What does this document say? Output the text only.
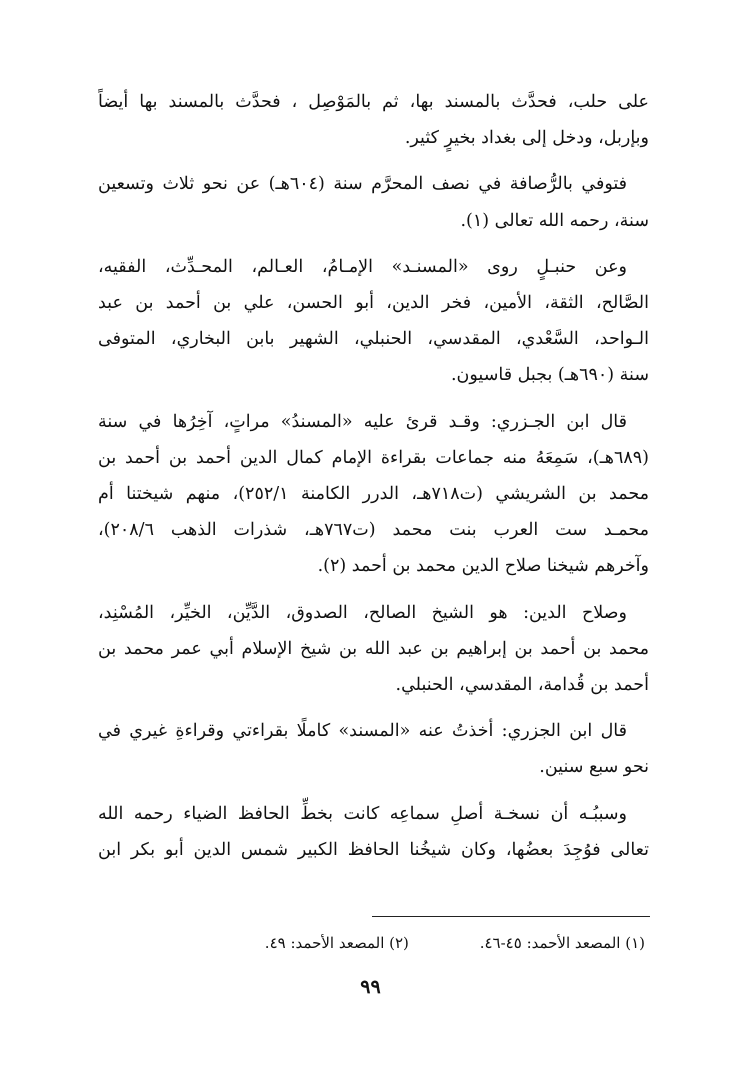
على حلب، فحدَّث بالمسند بها، ثم بالمَوْصِل ، فحدَّث بالمسند بها أيضاً
وبإربل، ودخل إلى بغداد بخيرٍ كثير.

فتوفي بالرُّصافة في نصف المحرَّم سنة (٦٠٤هـ) عن نحو ثلاث وتسعين
سنة، رحمه الله تعالى (١).

وعن حنبـلٍ روى «المسنـد» الإمـامُ، العـالم، المحـدِّث، الفقيه،
الصَّالح، الثقة، الأمين، فخر الدين، أبو الحسن، علي بن أحمد بن عبد
الـواحد، السَّعْدي، المقدسي، الحنبلي، الشهير بابن البخاري، المتوفى
سنة (٦٩٠هـ) بجبل قاسيون.

قال ابن الجـزري: وقـد قرئ عليه «المسندُ» مراتٍ، آخِرُها في سنة
(٦٨٩هـ)، سَمِعَهُ منه جماعات بقراءة الإمام كمال الدين أحمد بن أحمد بن
محمد بن الشريشي (ت٧١٨هـ، الدرر الكامنة ٢٥٢/١)، منهم شيختنا أم
محمـد ست العرب بنت محمد (ت٧٦٧هـ، شذرات الذهب ٢٠٨/٦)،
وآخرهم شيخنا صلاح الدين محمد بن أحمد (٢).

وصلاح الدين: هو الشيخ الصالح، الصدوق، الدَّيِّن، الخيِّر، المُسْنِد،
محمد بن أحمد بن إبراهيم بن عبد الله بن شيخ الإسلام أبي عمر محمد بن
أحمد بن قُدامة، المقدسي، الحنبلي.

قال ابن الجزري: أخذتُ عنه «المسند» كاملًا بقراءتي وقراءةِ غيري في
نحو سبع سنين.

وسببُـه أن نسخـة أصلِ سماعِه كانت بخطِّ الحافظ الضياء رحمه الله
تعالى فوُجِدَ بعضُها، وكان شيخُنا الحافظ الكبير شمس الدين أبو بكر ابن

(١) المصعد الأحمد: ٤٥-٤٦. (٢) المصعد الأحمد: ٤٩.
٩٩
